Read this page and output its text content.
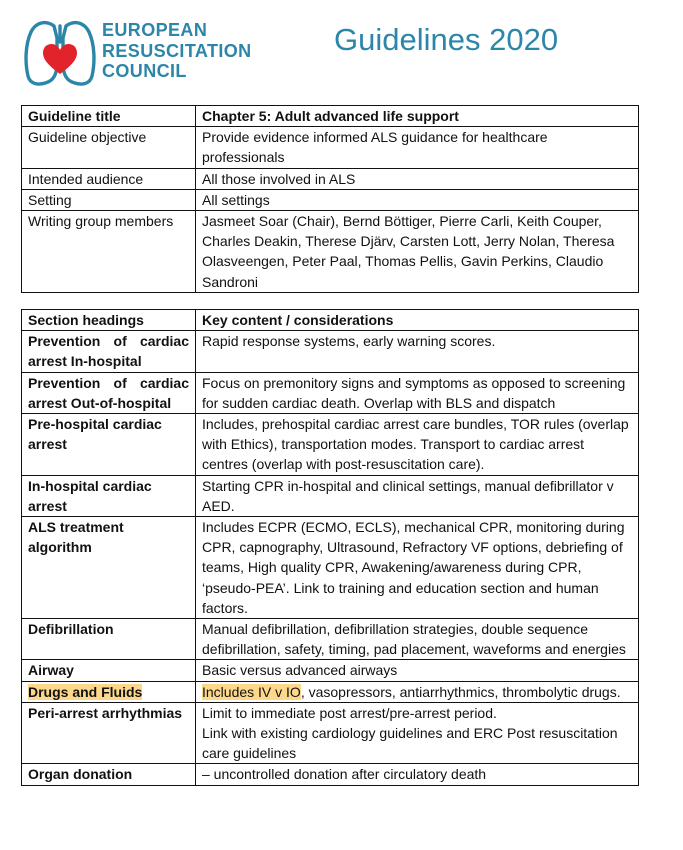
EUROPEAN
RESUSCITATION
COUNCIL
Guidelines 2020
Guideline title	Chapter 5: Adult advanced life support
Guideline objective	Provide evidence informed ALS guidance for healthcare professionals
Intended audience	All those involved in ALS
Setting	All settings
Writing group members	Jasmeet Soar (Chair), Bernd Böttiger, Pierre Carli, Keith Couper, Charles Deakin, Therese Djärv, Carsten Lott, Jerry Nolan, Theresa Olasveengen, Peter Paal, Thomas Pellis, Gavin Perkins, Claudio Sandroni
Section headings	Key content / considerations
Prevention of cardiac arrest In-hospital	Rapid response systems, early warning scores.
Prevention of cardiac arrest Out-of-hospital	Focus on premonitory signs and symptoms as opposed to screening for sudden cardiac death. Overlap with BLS and dispatch
Pre-hospital cardiac arrest	Includes, prehospital cardiac arrest care bundles, TOR rules (overlap with Ethics), transportation modes. Transport to cardiac arrest centres (overlap with post-resuscitation care).
In-hospital cardiac arrest	Starting CPR in-hospital and clinical settings, manual defibrillator v AED.
ALS treatment algorithm	Includes ECPR (ECMO, ECLS), mechanical CPR, monitoring during CPR, capnography, Ultrasound, Refractory VF options, debriefing of teams, High quality CPR, Awakening/awareness during CPR, ‘pseudo-PEA’. Link to training and education section and human factors.
Defibrillation	Manual defibrillation, defibrillation strategies, double sequence defibrillation, safety, timing, pad placement, waveforms and energies
Airway	Basic versus advanced airways
Drugs and Fluids	Includes IV v IO, vasopressors, antiarrhythmics, thrombolytic drugs.
Peri-arrest arrhythmias	Limit to immediate post arrest/pre-arrest period.
Link with existing cardiology guidelines and ERC Post resuscitation care guidelines
Organ donation	– uncontrolled donation after circulatory death
